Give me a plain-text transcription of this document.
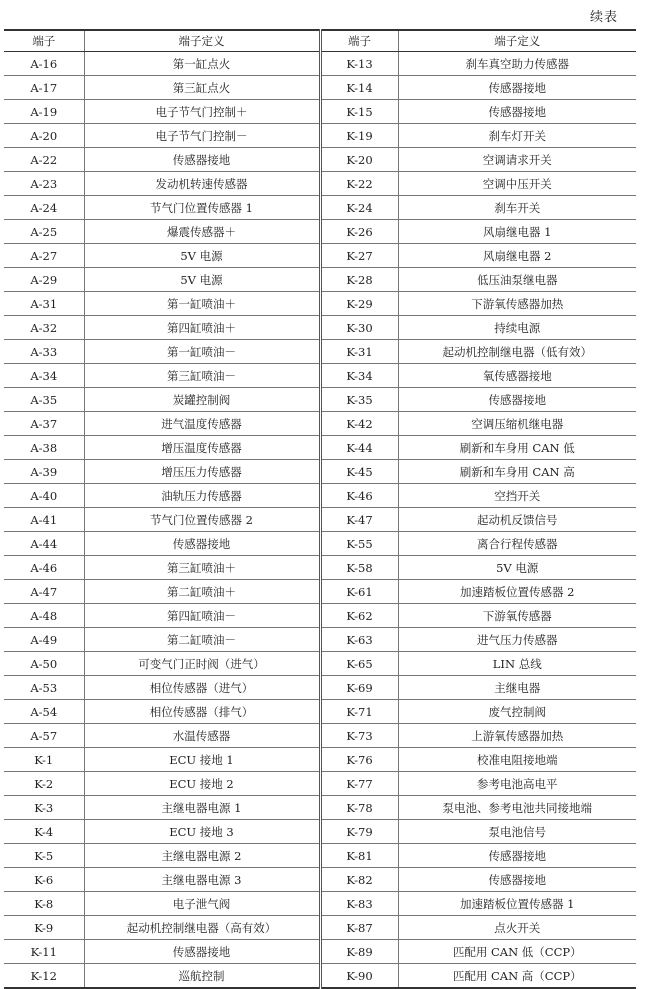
续表
端子	端子定义	端子	端子定义
A-16	第一缸点火	K-13	刹车真空助力传感器
A-17	第三缸点火	K-14	传感器接地
A-19	电子节气门控制＋	K-15	传感器接地
A-20	电子节气门控制－	K-19	刹车灯开关
A-22	传感器接地	K-20	空调请求开关
A-23	发动机转速传感器	K-22	空调中压开关
A-24	节气门位置传感器 1	K-24	刹车开关
A-25	爆震传感器＋	K-26	风扇继电器 1
A-27	5V 电源	K-27	风扇继电器 2
A-29	5V 电源	K-28	低压油泵继电器
A-31	第一缸喷油＋	K-29	下游氧传感器加热
A-32	第四缸喷油＋	K-30	持续电源
A-33	第一缸喷油－	K-31	起动机控制继电器（低有效）
A-34	第三缸喷油－	K-34	氧传感器接地
A-35	炭罐控制阀	K-35	传感器接地
A-37	进气温度传感器	K-42	空调压缩机继电器
A-38	增压温度传感器	K-44	刷新和车身用 CAN 低
A-39	增压压力传感器	K-45	刷新和车身用 CAN 高
A-40	油轨压力传感器	K-46	空挡开关
A-41	节气门位置传感器 2	K-47	起动机反馈信号
A-44	传感器接地	K-55	离合行程传感器
A-46	第三缸喷油＋	K-58	5V 电源
A-47	第二缸喷油＋	K-61	加速踏板位置传感器 2
A-48	第四缸喷油－	K-62	下游氧传感器
A-49	第二缸喷油－	K-63	进气压力传感器
A-50	可变气门正时阀（进气）	K-65	LIN 总线
A-53	相位传感器（进气）	K-69	主继电器
A-54	相位传感器（排气）	K-71	废气控制阀
A-57	水温传感器	K-73	上游氧传感器加热
K-1	ECU 接地 1	K-76	校准电阻接地端
K-2	ECU 接地 2	K-77	参考电池高电平
K-3	主继电器电源 1	K-78	泵电池、参考电池共同接地端
K-4	ECU 接地 3	K-79	泵电池信号
K-5	主继电器电源 2	K-81	传感器接地
K-6	主继电器电源 3	K-82	传感器接地
K-8	电子泄气阀	K-83	加速踏板位置传感器 1
K-9	起动机控制继电器（高有效）	K-87	点火开关
K-11	传感器接地	K-89	匹配用 CAN 低（CCP）
K-12	巡航控制	K-90	匹配用 CAN 高（CCP）
